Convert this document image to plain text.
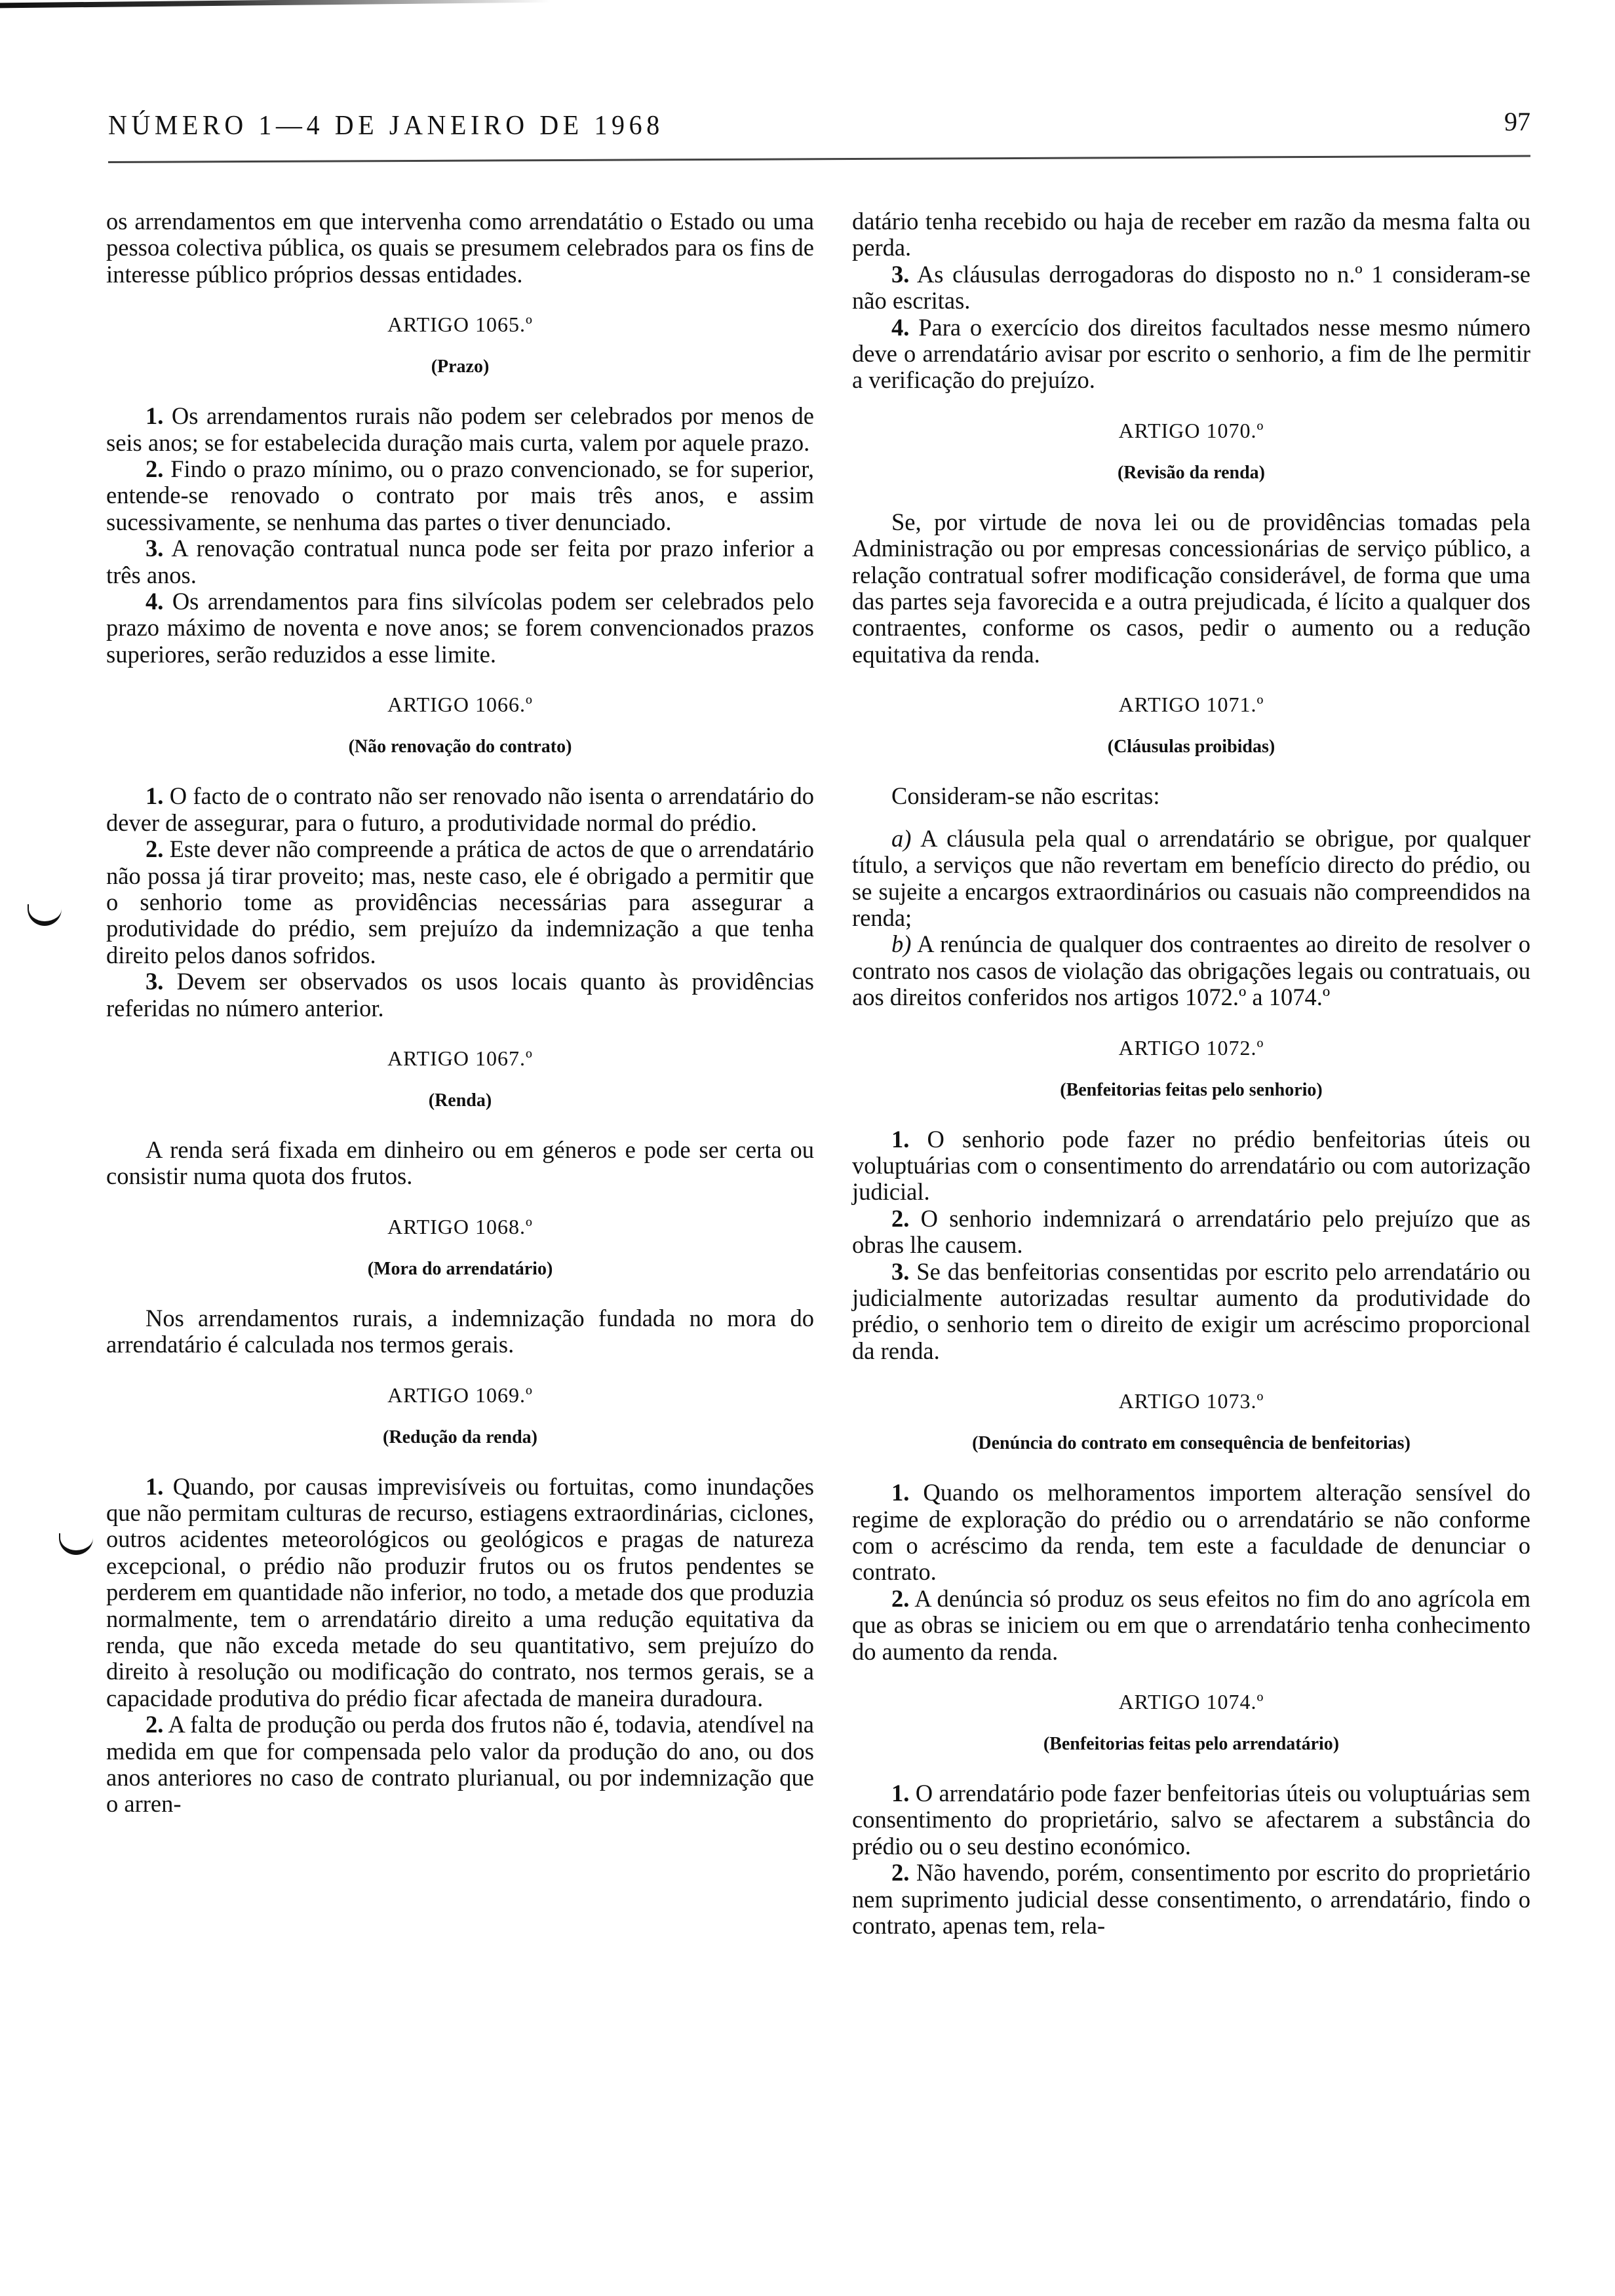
NÚMERO 1—4 DE JANEIRO DE 1968	97

os arrendamentos em que intervenha como arrendatátio o Estado ou uma pessoa colectiva pública, os quais se presumem celebrados para os fins de interesse público próprios dessas entidades.

ARTIGO 1065.º
(Prazo)

1. Os arrendamentos rurais não podem ser celebrados por menos de seis anos; se for estabelecida duração mais curta, valem por aquele prazo.

2. Findo o prazo mínimo, ou o prazo convencionado, se for superior, entende-se renovado o contrato por mais três anos, e assim sucessivamente, se nenhuma das partes o tiver denunciado.

3. A renovação contratual nunca pode ser feita por prazo inferior a três anos.

4. Os arrendamentos para fins silvícolas podem ser celebrados pelo prazo máximo de noventa e nove anos; se forem convencionados prazos superiores, serão reduzidos a esse limite.

ARTIGO 1066.º
(Não renovação do contrato)

1. O facto de o contrato não ser renovado não isenta o arrendatário do dever de assegurar, para o futuro, a produtividade normal do prédio.

2. Este dever não compreende a prática de actos de que o arrendatário não possa já tirar proveito; mas, neste caso, ele é obrigado a permitir que o senhorio tome as providências necessárias para assegurar a produtividade do prédio, sem prejuízo da indemnização a que tenha direito pelos danos sofridos.

3. Devem ser observados os usos locais quanto às providências referidas no número anterior.

ARTIGO 1067.º
(Renda)

A renda será fixada em dinheiro ou em géneros e pode ser certa ou consistir numa quota dos frutos.

ARTIGO 1068.º
(Mora do arrendatário)

Nos arrendamentos rurais, a indemnização fundada no mora do arrendatário é calculada nos termos gerais.

ARTIGO 1069.º
(Redução da renda)

1. Quando, por causas imprevisíveis ou fortuitas, como inundações que não permitam culturas de recurso, estiagens extraordinárias, ciclones, outros acidentes meteorológicos ou geológicos e pragas de natureza excepcional, o prédio não produzir frutos ou os frutos pendentes se perderem em quantidade não inferior, no todo, a metade dos que produzia normalmente, tem o arrendatário direito a uma redução equitativa da renda, que não exceda metade do seu quantitativo, sem prejuízo do direito à resolução ou modificação do contrato, nos termos gerais, se a capacidade produtiva do prédio ficar afectada de maneira duradoura.

2. A falta de produção ou perda dos frutos não é, todavia, atendível na medida em que for compensada pelo valor da produção do ano, ou dos anos anteriores no caso de contrato plurianual, ou por indemnização que o arren-

datário tenha recebido ou haja de receber em razão da mesma falta ou perda.

3. As cláusulas derrogadoras do disposto no n.º 1 consideram-se não escritas.

4. Para o exercício dos direitos facultados nesse mesmo número deve o arrendatário avisar por escrito o senhorio, a fim de lhe permitir a verificação do prejuízo.

ARTIGO 1070.º
(Revisão da renda)

Se, por virtude de nova lei ou de providências tomadas pela Administração ou por empresas concessionárias de serviço público, a relação contratual sofrer modificação considerável, de forma que uma das partes seja favorecida e a outra prejudicada, é lícito a qualquer dos contraentes, conforme os casos, pedir o aumento ou a redução equitativa da renda.

ARTIGO 1071.º
(Cláusulas proibidas)

Consideram-se não escritas:

a) A cláusula pela qual o arrendatário se obrigue, por qualquer título, a serviços que não revertam em benefício directo do prédio, ou se sujeite a encargos extraordinários ou casuais não compreendidos na renda;

b) A renúncia de qualquer dos contraentes ao direito de resolver o contrato nos casos de violação das obrigações legais ou contratuais, ou aos direitos conferidos nos artigos 1072.º a 1074.º

ARTIGO 1072.º
(Benfeitorias feitas pelo senhorio)

1. O senhorio pode fazer no prédio benfeitorias úteis ou voluptuárias com o consentimento do arrendatário ou com autorização judicial.

2. O senhorio indemnizará o arrendatário pelo prejuízo que as obras lhe causem.

3. Se das benfeitorias consentidas por escrito pelo arrendatário ou judicialmente autorizadas resultar aumento da produtividade do prédio, o senhorio tem o direito de exigir um acréscimo proporcional da renda.

ARTIGO 1073.º
(Denúncia do contrato em consequência de benfeitorias)

1. Quando os melhoramentos importem alteração sensível do regime de exploração do prédio ou o arrendatário se não conforme com o acréscimo da renda, tem este a faculdade de denunciar o contrato.

2. A denúncia só produz os seus efeitos no fim do ano agrícola em que as obras se iniciem ou em que o arrendatário tenha conhecimento do aumento da renda.

ARTIGO 1074.º
(Benfeitorias feitas pelo arrendatário)

1. O arrendatário pode fazer benfeitorias úteis ou voluptuárias sem consentimento do proprietário, salvo se afectarem a substância do prédio ou o seu destino económico.

2. Não havendo, porém, consentimento por escrito do proprietário nem suprimento judicial desse consentimento, o arrendatário, findo o contrato, apenas tem, rela-
